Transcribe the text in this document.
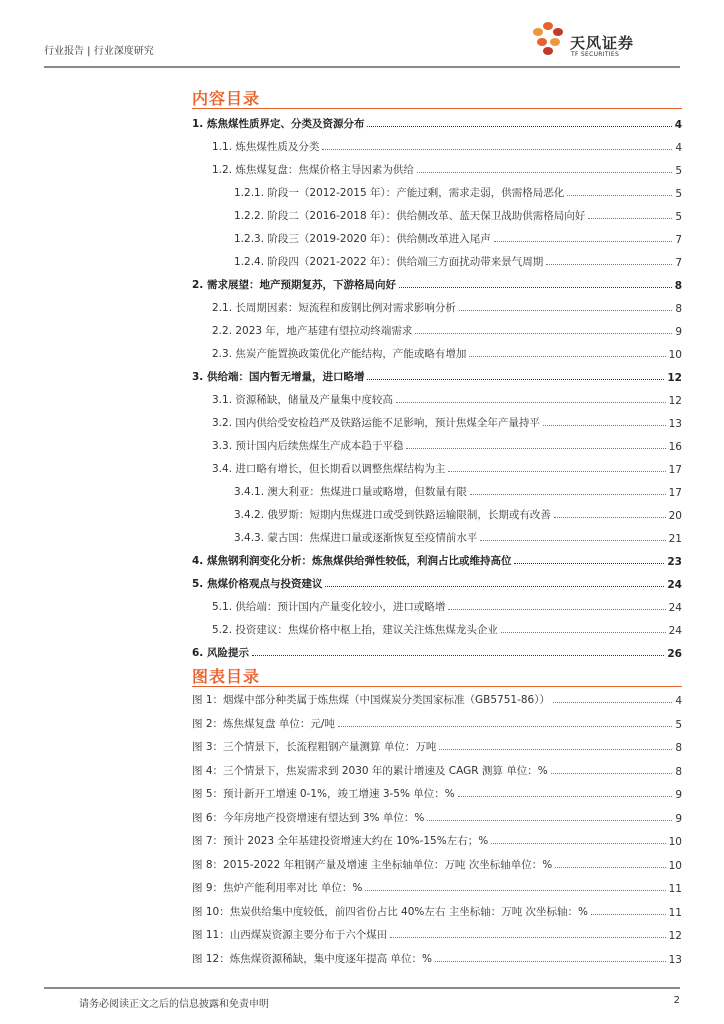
行业报告 | 行业深度研究	天风证券
TF SECURITIES
内容目录
1. 炼焦煤性质界定、分类及资源分布	4
1.1. 炼焦煤性质及分类	4
1.2. 炼焦煤复盘：焦煤价格主导因素为供给	5
1.2.1. 阶段一（2012-2015 年）：产能过剩，需求走弱，供需格局恶化	5
1.2.2. 阶段二（2016-2018 年）：供给侧改革、蓝天保卫战助供需格局向好	5
1.2.3. 阶段三（2019-2020 年）：供给侧改革进入尾声	7
1.2.4. 阶段四（2021-2022 年）：供给端三方面扰动带来景气周期	7
2. 需求展望：地产预期复苏，下游格局向好	8
2.1. 长周期因素：短流程和废钢比例对需求影响分析	8
2.2. 2023 年，地产基建有望拉动终端需求	9
2.3. 焦炭产能置换政策优化产能结构，产能或略有增加	10
3. 供给端：国内暂无增量，进口略增	12
3.1. 资源稀缺，储量及产量集中度较高	12
3.2. 国内供给受安检趋严及铁路运能不足影响，预计焦煤全年产量持平	13
3.3. 预计国内后续焦煤生产成本趋于平稳	16
3.4. 进口略有增长，但长期看以调整焦煤结构为主	17
3.4.1. 澳大利亚：焦煤进口量或略增，但数量有限	17
3.4.2. 俄罗斯：短期内焦煤进口或受到铁路运输限制，长期或有改善	20
3.4.3. 蒙古国：焦煤进口量或逐渐恢复至疫情前水平	21
4. 煤焦钢利润变化分析：炼焦煤供给弹性较低，利润占比或维持高位	23
5. 焦煤价格观点与投资建议	24
5.1. 供给端：预计国内产量变化较小，进口或略增	24
5.2. 投资建议：焦煤价格中枢上抬，建议关注炼焦煤龙头企业	24
6. 风险提示	26
图表目录
图 1：烟煤中部分种类属于炼焦煤（中国煤炭分类国家标准（GB5751-86））	4
图 2：炼焦煤复盘 单位：元/吨	5
图 3：三个情景下，长流程粗钢产量测算 单位：万吨	8
图 4：三个情景下，焦炭需求到 2030 年的累计增速及 CAGR 测算 单位：%	8
图 5：预计新开工增速 0-1%，竣工增速 3-5% 单位：%	9
图 6：今年房地产投资增速有望达到 3% 单位：%	9
图 7：预计 2023 全年基建投资增速大约在 10%-15%左右；%	10
图 8：2015-2022 年粗钢产量及增速 主坐标轴单位：万吨 次坐标轴单位：%	10
图 9：焦炉产能利用率对比 单位：%	11
图 10：焦炭供给集中度较低，前四省份占比 40%左右 主坐标轴：万吨 次坐标轴：%	11
图 11：山西煤炭资源主要分布于六个煤田	12
图 12：炼焦煤资源稀缺，集中度逐年提高 单位：%	13
请务必阅读正文之后的信息披露和免责申明	2
